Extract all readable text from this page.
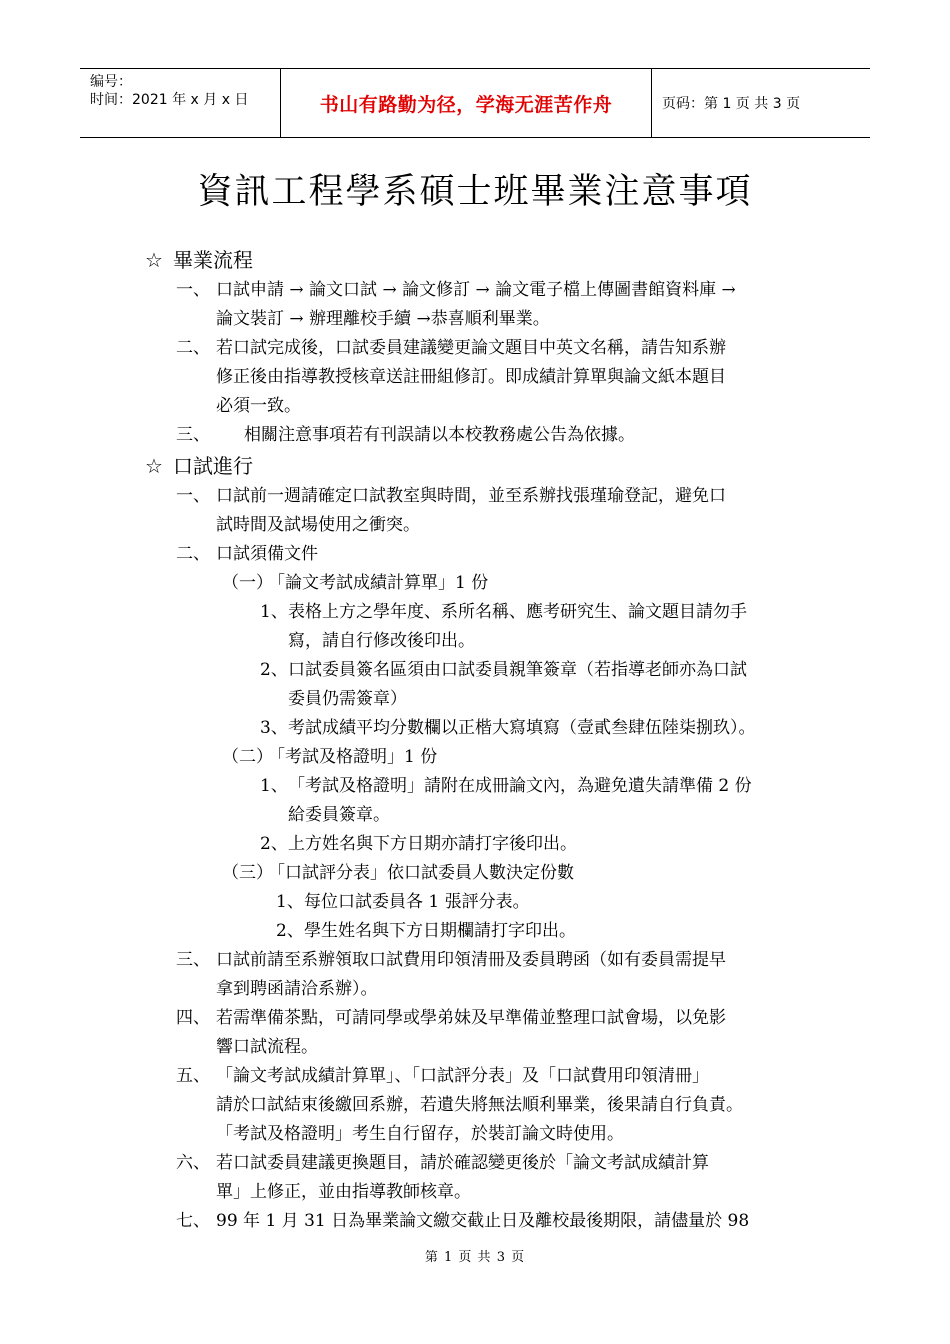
编号：
时间：2021 年 x 月 x 日	书山有路勤为径，学海无涯苦作舟	页码：第 1 页 共 3 页
資訊工程學系碩士班畢業注意事項
☆ 畢業流程
一、 口試申請 → 論文口試 → 論文修訂 → 論文電子檔上傳圖書館資料庫 →
論文裝訂 → 辦理離校手續 →恭喜順利畢業。
二、 若口試完成後，口試委員建議變更論文題目中英文名稱，請告知系辦
修正後由指導教授核章送註冊組修訂。即成績計算單與論文紙本題目
必須一致。
三、	相關注意事項若有刊誤請以本校教務處公告為依據。
☆ 口試進行
一、 口試前一週請確定口試教室與時間，並至系辦找張瑾瑜登記，避免口
試時間及試場使用之衝突。
二、 口試須備文件
（一）
「論文考試成績計算單」1 份
1、 表格上方之學年度、系所名稱、應考研究生、論文題目請勿手
寫，請自行修改後印出。
2、 口試委員簽名區須由口試委員親筆簽章（若指導老師亦為口試
委員仍需簽章）
3、 考試成績平均分數欄以正楷大寫填寫（壹貳叁肆伍陸柒捌玖）。
（二）
「考試及格證明」1 份
1、 「考試及格證明」請附在成冊論文內，為避免遺失請準備 2 份
給委員簽章。
2、 上方姓名與下方日期亦請打字後印出。
（三）
「口試評分表」依口試委員人數決定份數
1、 每位口試委員各 1 張評分表。
2、 學生姓名與下方日期欄請打字印出。
三、 口試前請至系辦領取口試費用印領清冊及委員聘函（如有委員需提早
拿到聘函請洽系辦）。
四、 若需準備茶點，可請同學或學弟妹及早準備並整理口試會場，以免影
響口試流程。
五、 「論文考試成績計算單」、「口試評分表」及「口試費用印領清冊」
請於口試結束後繳回系辦，若遺失將無法順利畢業，後果請自行負責。
「考試及格證明」考生自行留存，於裝訂論文時使用。
六、 若口試委員建議更換題目，請於確認變更後於「論文考試成績計算
單」上修正，並由指導教師核章。
七、 99 年 1 月 31 日為畢業論文繳交截止日及離校最後期限，請儘量於 98
第 1 页 共 3 页
